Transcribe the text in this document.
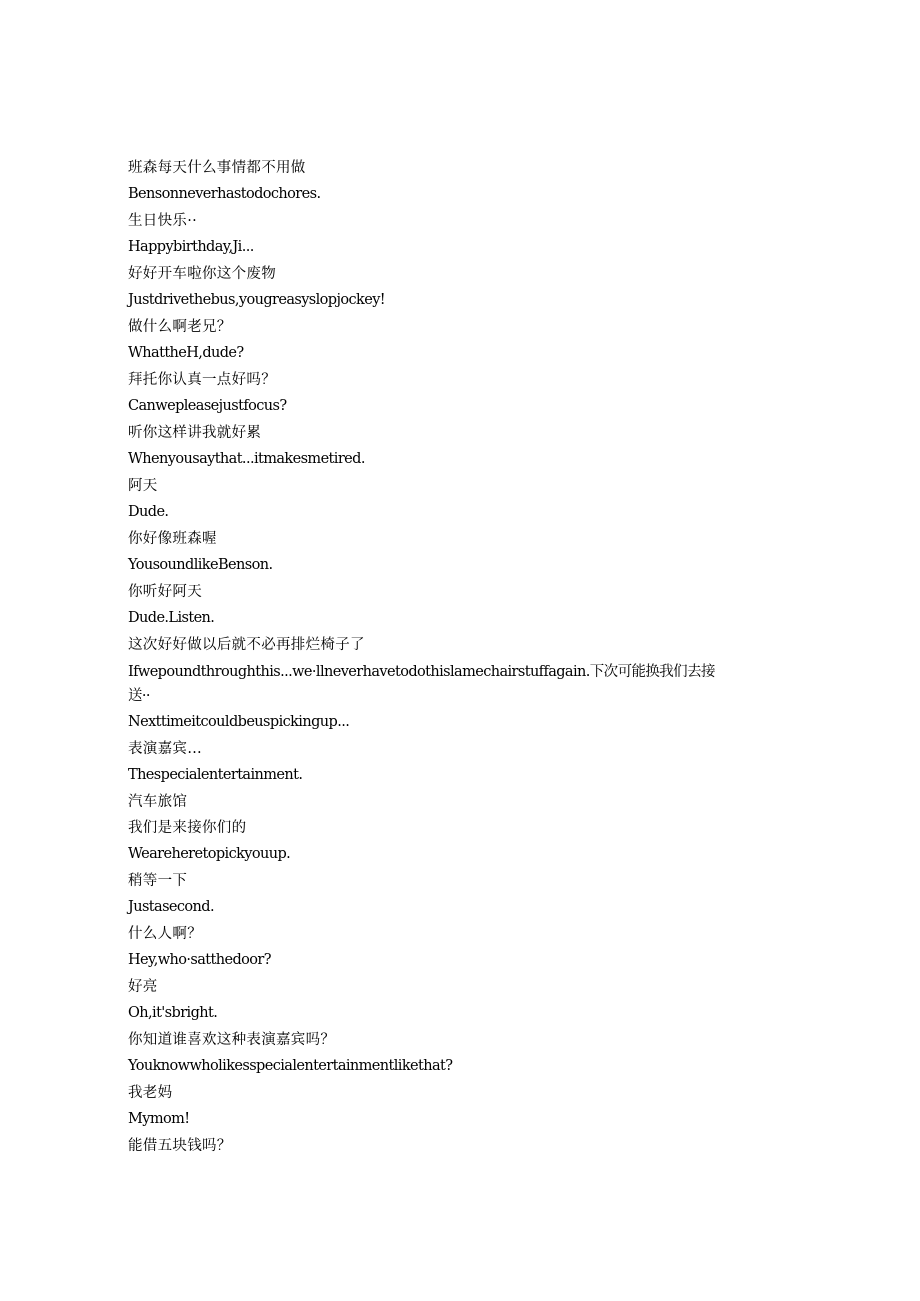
班森每天什么事情都不用做
Bensonneverhastodochores.
生日快乐··
Happybirthday,Ji...
好好开车啦你这个废物
Justdrivethebus,yougreasyslopjockey!
做什么啊老兄？
WhattheH,dude?
拜托你认真一点好吗？
Canwepleasejustfocus?
听你这样讲我就好累
Whenyousaythat...itmakesmetired.
阿天
Dude.
你好像班森喔
YousoundlikeBenson.
你听好阿天
Dude.Listen.
这次好好做以后就不必再排烂椅子了
Ifwepoundthroughthis...we·llneverhavetodothislamechairstuffagain.下次可能换我们去接送··
Nexttimeitcouldbeuspickingup...
表演嘉宾…
Thespecialentertainment.
汽车旅馆
我们是来接你们的
Weareheretopickyouup.
稍等一下
Justasecond.
什么人啊？
Hey,who·satthedoor?
好亮
Oh,it'sbright.
你知道谁喜欢这种表演嘉宾吗？
Youknowwholikesspecialentertainmentlikethat?
我老妈
Mymom!
能借五块钱吗？
